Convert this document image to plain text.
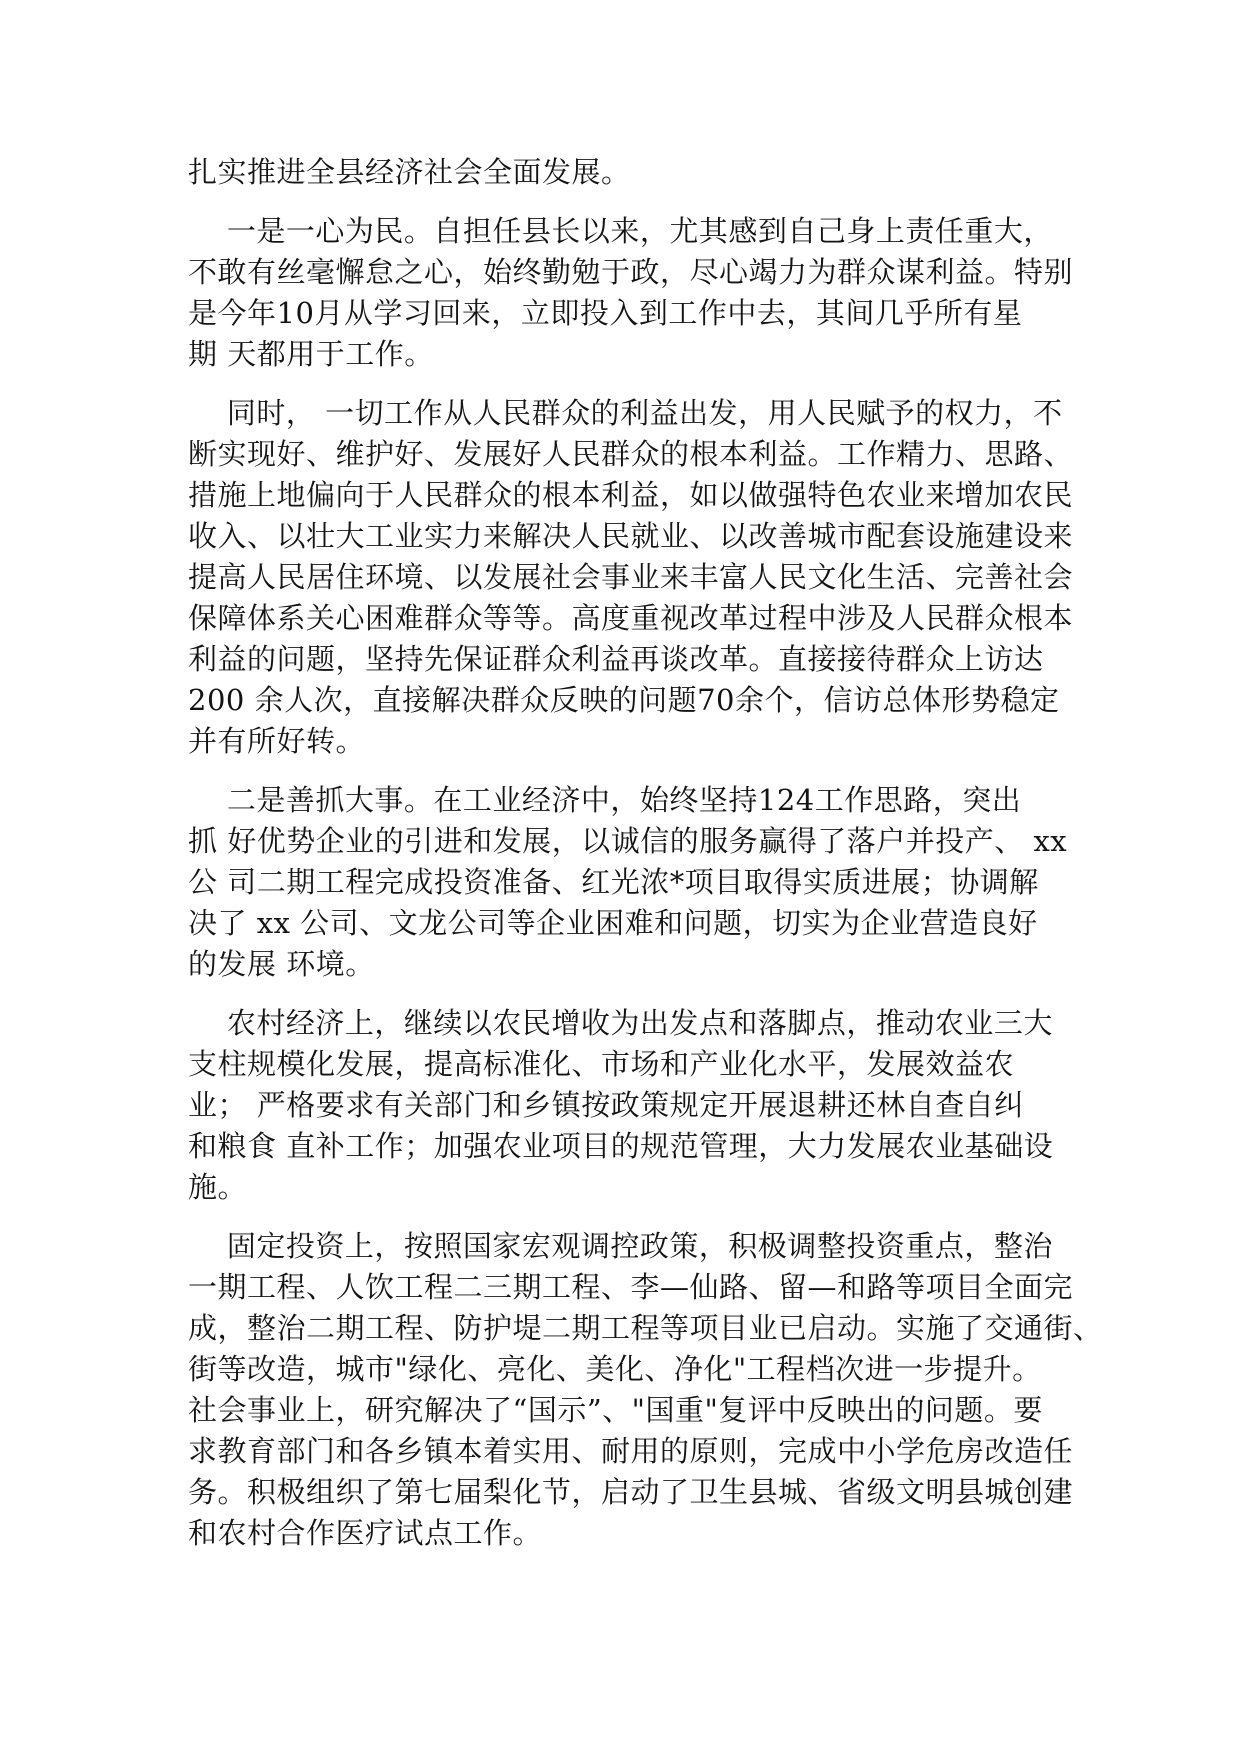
扎实推进全县经济社会全面发展。
一是一心为民。自担任县长以来，尤其感到自己身上责任重大，
不敢有丝毫懈怠之心，始终勤勉于政，尽心竭力为群众谋利益。特别
是今年10月从学习回来，立即投入到工作中去，其间几乎所有星
期 天都用于工作。
同时， 一切工作从人民群众的利益出发，用人民赋予的权力，不
断实现好、维护好、发展好人民群众的根本利益。工作精力、思路、
措施上地偏向于人民群众的根本利益，如以做强特色农业来增加农民
收入、以壮大工业实力来解决人民就业、以改善城市配套设施建设来
提高人民居住环境、以发展社会事业来丰富人民文化生活、完善社会
保障体系关心困难群众等等。高度重视改革过程中涉及人民群众根本
利益的问题，坚持先保证群众利益再谈改革。直接接待群众上访达
200 余人次，直接解决群众反映的问题70余个，信访总体形势稳定
并有所好转。
二是善抓大事。在工业经济中，始终坚持124工作思路，突出
抓 好优势企业的引进和发展，以诚信的服务赢得了落户并投产、 xx
公 司二期工程完成投资准备、红光浓*项目取得实质进展；协调解
决了 xx 公司、文龙公司等企业困难和问题，切实为企业营造良好
的发展 环境。
农村经济上，继续以农民增收为出发点和落脚点，推动农业三大
支柱规模化发展，提高标准化、市场和产业化水平，发展效益农
业； 严格要求有关部门和乡镇按政策规定开展退耕还林自查自纠
和粮食 直补工作；加强农业项目的规范管理，大力发展农业基础设
施。
固定投资上，按照国家宏观调控政策，积极调整投资重点，整治
一期工程、人饮工程二三期工程、李—仙路、留—和路等项目全面完
成，整治二期工程、防护堤二期工程等项目业已启动。实施了交通街、
街等改造，城市"绿化、亮化、美化、净化"工程档次进一步提升。
社会事业上，研究解决了“国示”、"国重"复评中反映出的问题。要
求教育部门和各乡镇本着实用、耐用的原则，完成中小学危房改造任
务。积极组织了第七届梨化节，启动了卫生县城、省级文明县城创建
和农村合作医疗试点工作。
